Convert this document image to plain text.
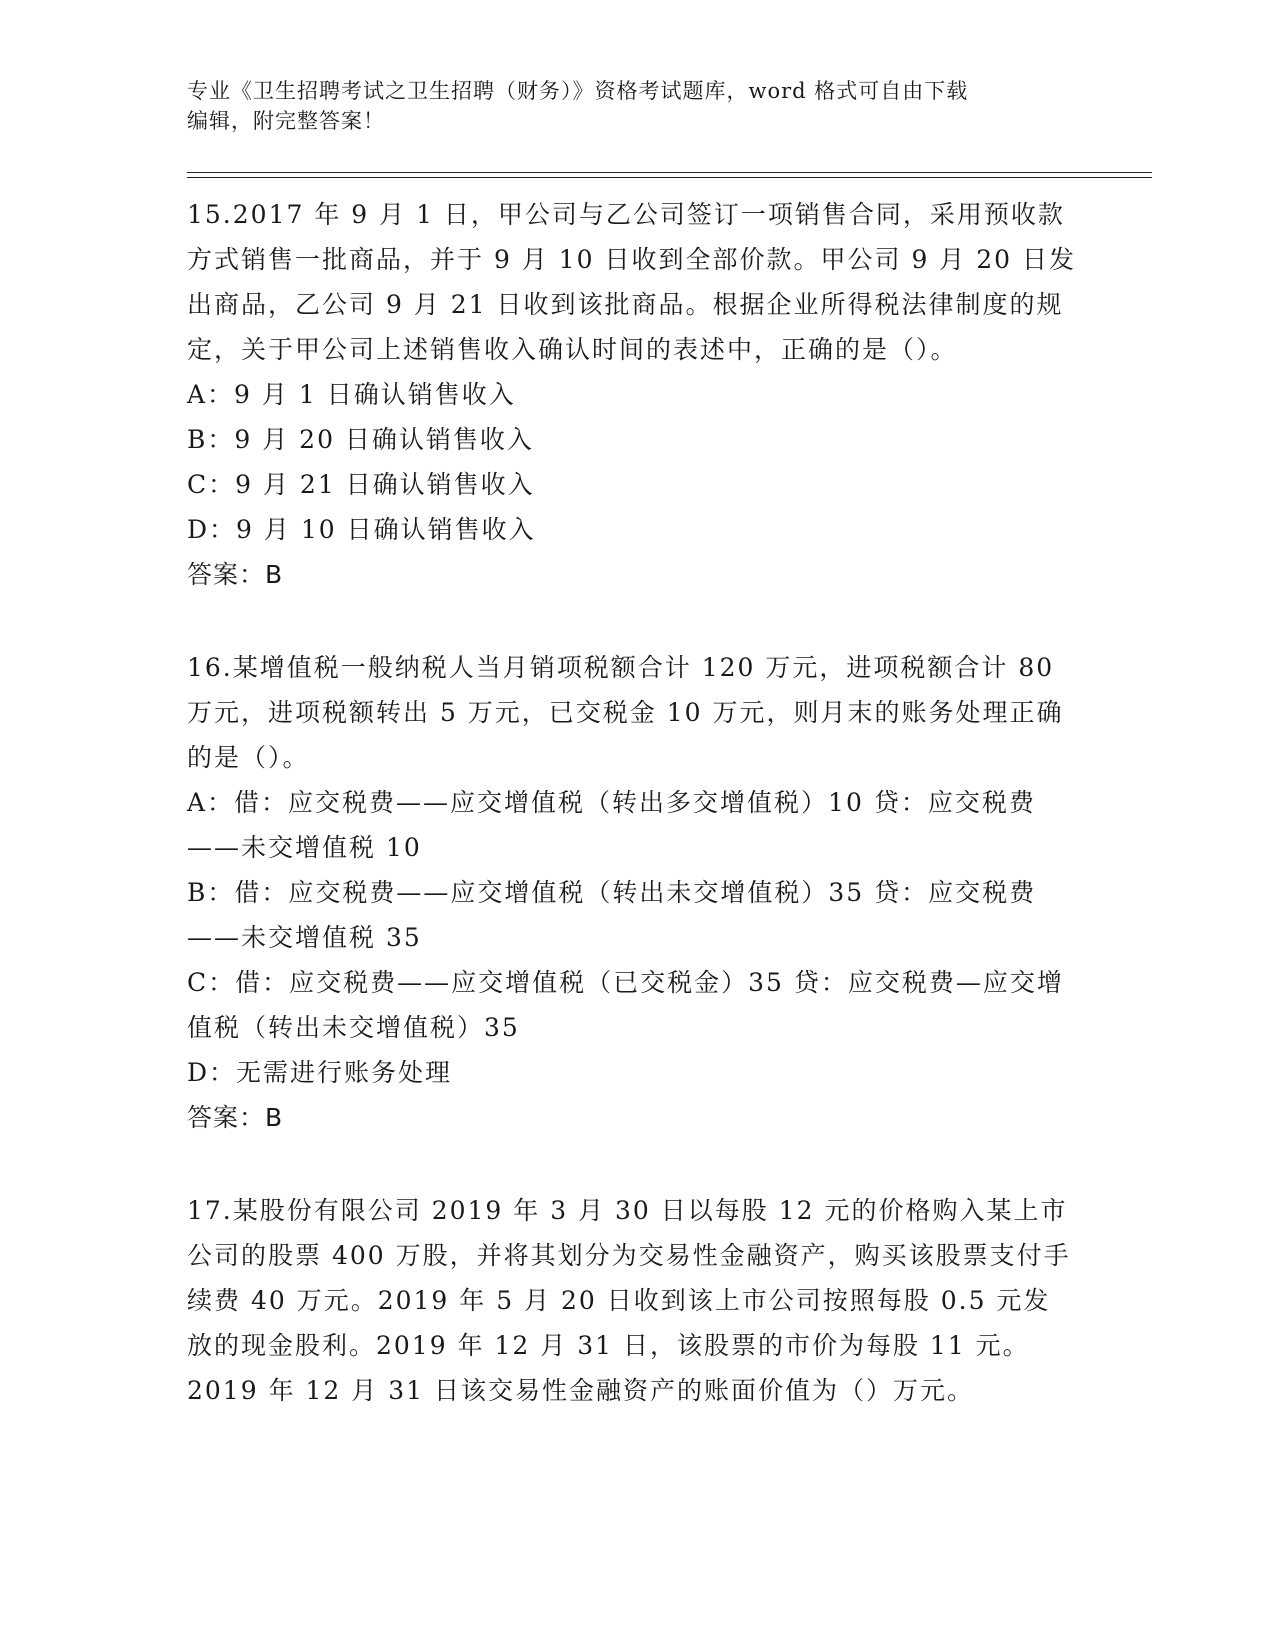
专业《卫生招聘考试之卫生招聘（财务）》资格考试题库，word 格式可自由下载
编辑，附完整答案！

15.2017 年 9 月 1 日，甲公司与乙公司签订一项销售合同，采用预收款方式销售一批商品，并于 9 月 10 日收到全部价款。甲公司 9 月 20 日发出商品，乙公司 9 月 21 日收到该批商品。根据企业所得税法律制度的规定，关于甲公司上述销售收入确认时间的表述中，正确的是（）。

A：9 月 1 日确认销售收入

B：9 月 20 日确认销售收入

C：9 月 21 日确认销售收入

D：9 月 10 日确认销售收入

答案：B

16.某增值税一般纳税人当月销项税额合计 120 万元，进项税额合计 80 万元，进项税额转出 5 万元，已交税金 10 万元，则月末的账务处理正确的是（）。

A：借：应交税费——应交增值税（转出多交增值税）10 贷：应交税费——未交增值税 10

B：借：应交税费——应交增值税（转出未交增值税）35 贷：应交税费——未交增值税 35

C：借：应交税费——应交增值税（已交税金）35 贷：应交税费—应交增值税（转出未交增值税）35

D：无需进行账务处理

答案：B

17.某股份有限公司 2019 年 3 月 30 日以每股 12 元的价格购入某上市公司的股票 400 万股，并将其划分为交易性金融资产，购买该股票支付手续费 40 万元。2019 年 5 月 20 日收到该上市公司按照每股 0.5 元发放的现金股利。2019 年 12 月 31 日，该股票的市价为每股 11 元。2019 年 12 月 31 日该交易性金融资产的账面价值为（）万元。
